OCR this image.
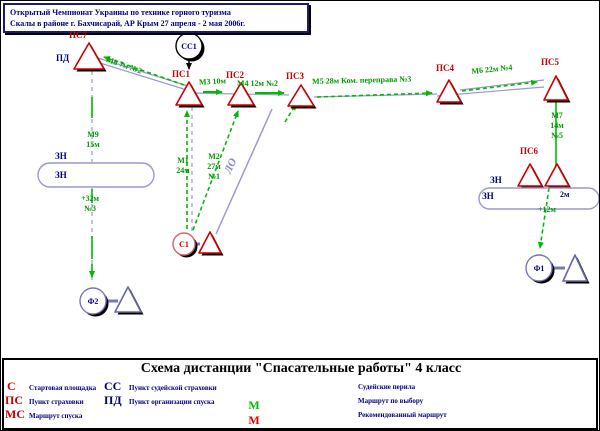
Открытый Чемпионат Украины по технике горного туризма
Скалы в районе г. Бахчисарай, АР Крым 27 апреля - 2 мая 2006г.
ПС7
ПД
СС1
ПС1	ПС2	ПС3
ПС4
ПС5
ПС6
С1
Ф1
Ф2
М8 7м №2
М3 10м М4 12м №2	М5 28м Ком. переправа №3
М6 22м №4
М7
14м
№5
М9
15м
М1
24м
М2
27м
№1
+32м
№3	+12м
ЛО
ЗН
ЗН	ЗН
ЗН	2м
Схема дистанции "Спасательные работы" 4 класс
С Стартовая площадка
ПС Пункт страховки
МС Маршрут спуска
СС Пункт судейской страховки
ПД Пункт организации спуска
Судейские перила
М	Маршрут по выбору
М	Рекомендованный маршрут
